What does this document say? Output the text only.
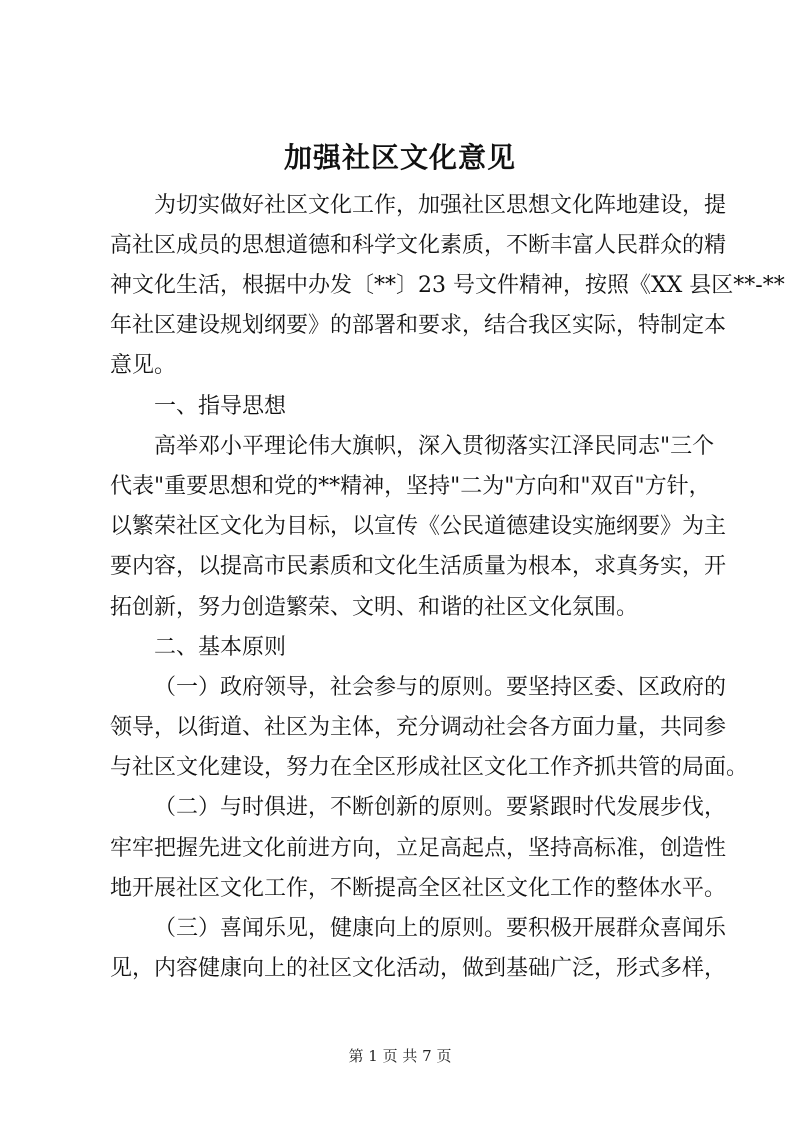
加强社区文化意见

为切实做好社区文化工作，加强社区思想文化阵地建设，提

高社区成员的思想道德和科学文化素质，不断丰富人民群众的精

神文化生活，根据中办发〔**〕23 号文件精神，按照《XX 县区**-**

年社区建设规划纲要》的部署和要求，结合我区实际，特制定本

意见。

一、指导思想

高举邓小平理论伟大旗帜，深入贯彻落实江泽民同志"三个

代表"重要思想和党的**精神，坚持"二为"方向和"双百"方针，

以繁荣社区文化为目标，以宣传《公民道德建设实施纲要》为主

要内容，以提高市民素质和文化生活质量为根本，求真务实，开

拓创新，努力创造繁荣、文明、和谐的社区文化氛围。

二、基本原则

（一）政府领导，社会参与的原则。要坚持区委、区政府的

领导，以街道、社区为主体，充分调动社会各方面力量，共同参

与社区文化建设，努力在全区形成社区文化工作齐抓共管的局面。

（二）与时俱进，不断创新的原则。要紧跟时代发展步伐，

牢牢把握先进文化前进方向，立足高起点，坚持高标准，创造性

地开展社区文化工作，不断提高全区社区文化工作的整体水平。

（三）喜闻乐见，健康向上的原则。要积极开展群众喜闻乐

见，内容健康向上的社区文化活动，做到基础广泛，形式多样，

第 1 页 共 7 页
